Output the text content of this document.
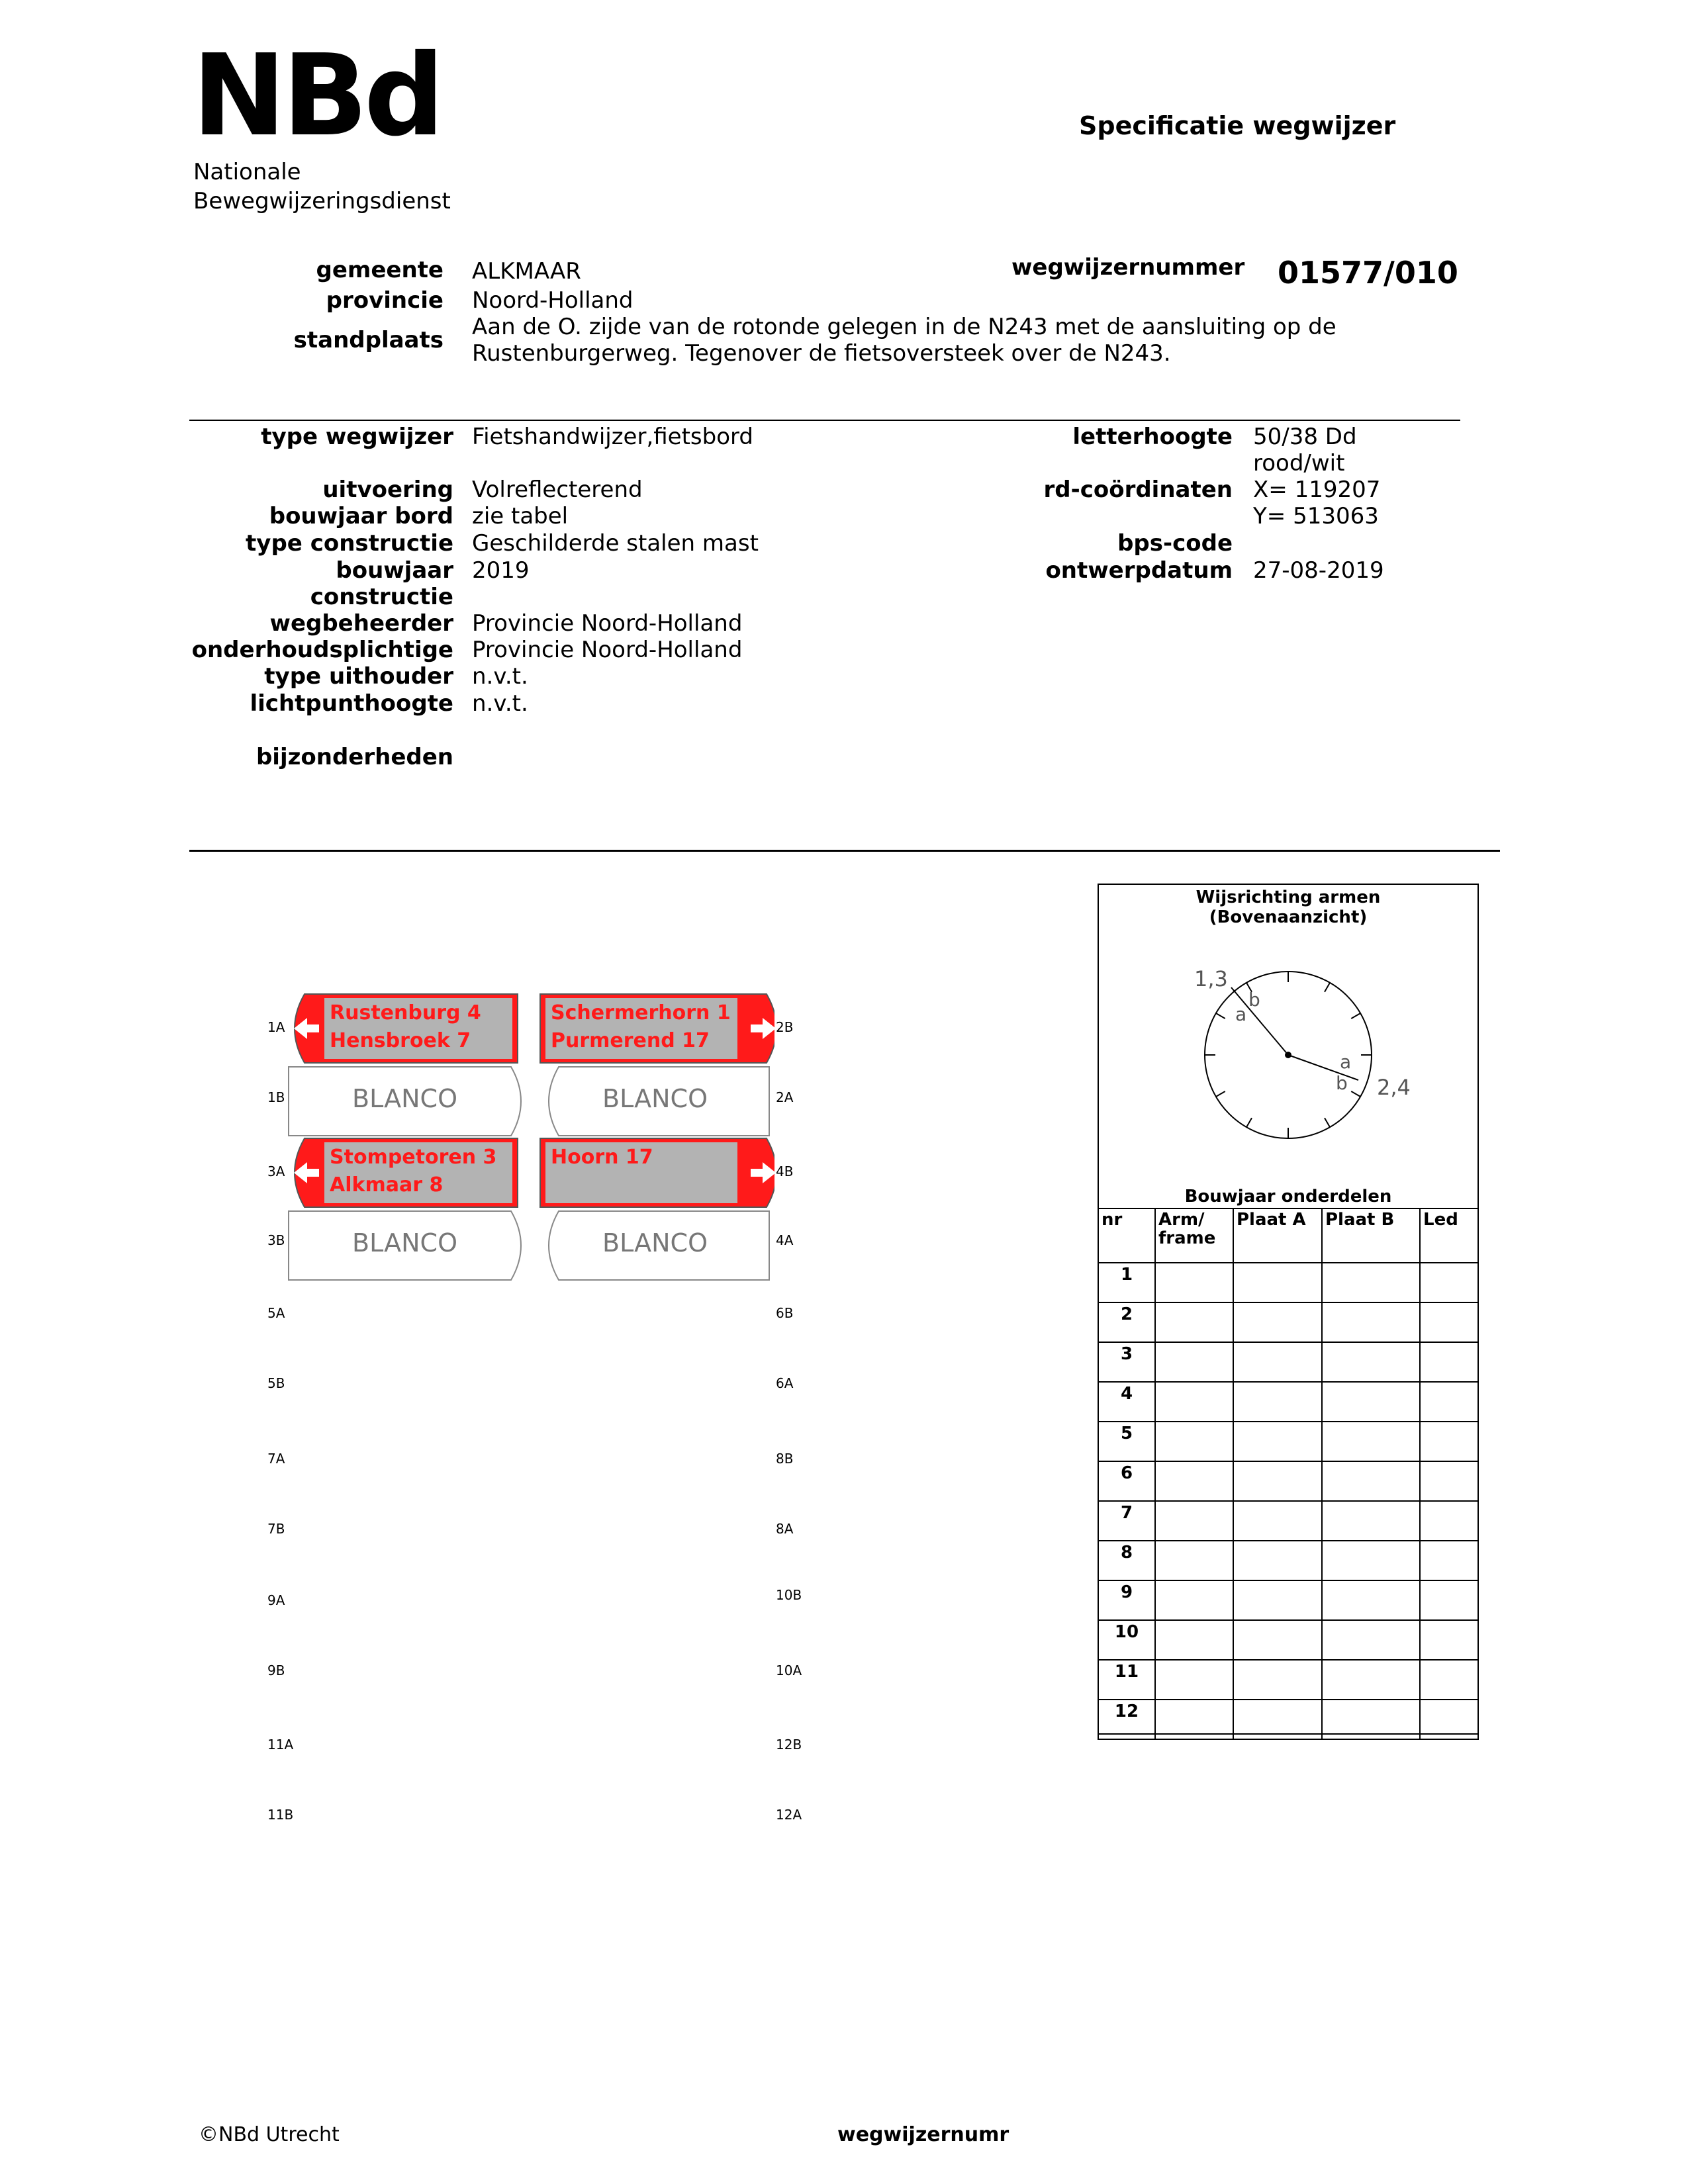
NBd
Nationale
Bewegwijzeringsdienst
Specificatie wegwijzer
gemeente ALKMAAR
provincie Noord-Holland
standplaats Aan de O. zijde van de rotonde gelegen in de N243 met de aansluiting op de
Rustenburgerweg. Tegenover de fietsoversteek over de N243.
wegwijzernummer 01577/010
type wegwijzer Fietshandwijzer,fietsbord
uitvoering Volreflecterend
bouwjaar bord zie tabel
type constructie Geschilderde stalen mast
bouwjaar 2019
constructie
wegbeheerder Provincie Noord-Holland
onderhoudsplichtige Provincie Noord-Holland
type uithouder n.v.t.
lichtpunthoogte n.v.t.
bijzonderheden
letterhoogte 50/38 Dd
rood/wit
rd-coördinaten X= 119207
Y= 513063
bps-code
ontwerpdatum 27-08-2019
1A
1B
3A
3B
5A
5B
7A
7B
9A
9B
11A
11B
2B
2A
4B
4A
6B
6A
8B
8A
10B
10A
12B
12A
Rustenburg 4
Hensbroek 7
Schermerhorn 1
Purmerend 17
Stompetoren 3
Alkmaar 8
Hoorn 17
BLANCO	BLANCO
BLANCO	BLANCO
Wijsrichting armen
(Bovenaanzicht)
1,3
b
a
2,4
a
b
Bouwjaar onderdelen
nr	Arm/
frame	Plaat A	Plaat B	Led
1				
2				
3				
4				
5				
6				
7				
8				
9				
10				
11				
12				
©NBd Utrecht	wegwijzernumr
